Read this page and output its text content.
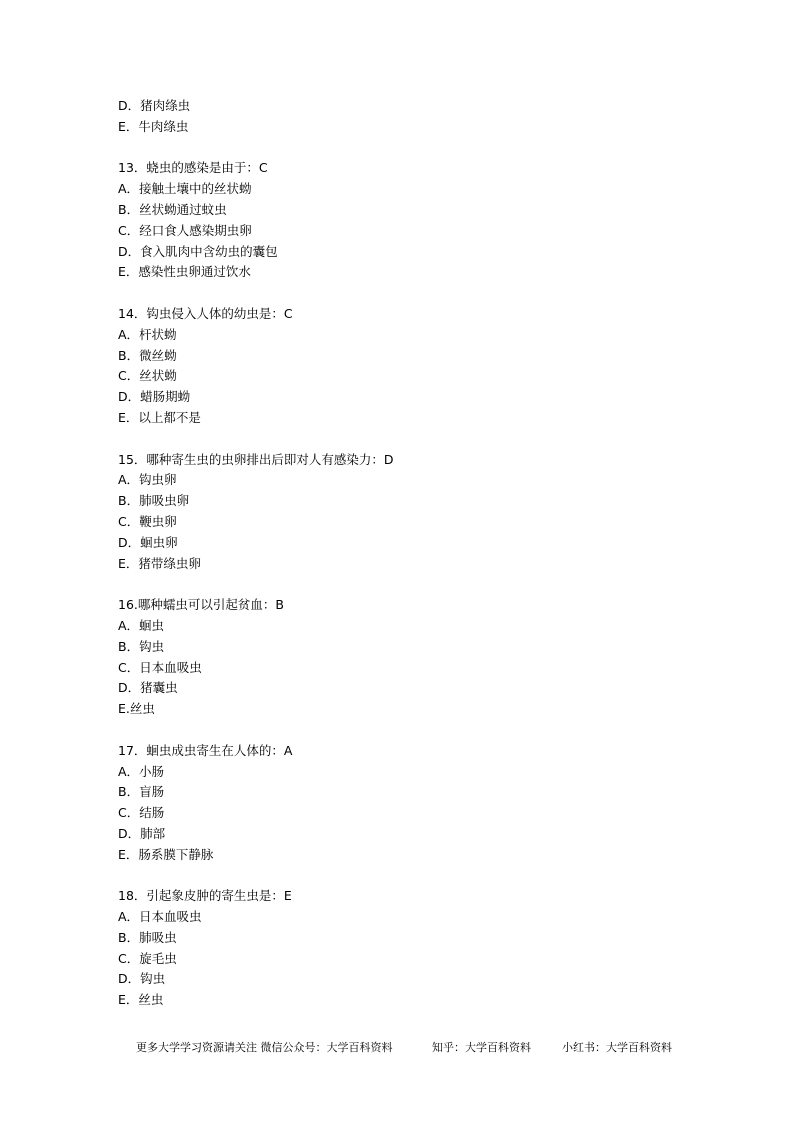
D．猪肉绦虫
E．牛肉绦虫
13．蛲虫的感染是由于：C
A．接触土壤中的丝状蚴
B．丝状蚴通过蚊虫
C．经口食人感染期虫卵
D．食入肌肉中含幼虫的囊包
E．感染性虫卵通过饮水
14．钩虫侵入人体的幼虫是：C
A．杆状蚴
B．微丝蚴
C．丝状蚴
D．蜡肠期蚴
E．以上都不是
15．哪种寄生虫的虫卵排出后即对人有感染力：D
A．钩虫卵
B．肺吸虫卵
C．鞭虫卵
D．蛔虫卵
E．猪带绦虫卵
16.哪种蠕虫可以引起贫血：B
A．蛔虫
B．钩虫
C．日本血吸虫
D．猪囊虫
E.丝虫
17．蛔虫成虫寄生在人体的：A
A．小肠
B．盲肠
C．结肠
D．肺部
E．肠系膜下静脉
18．引起象皮肿的寄生虫是：E
A．日本血吸虫
B．肺吸虫
C．旋毛虫
D．钩虫
E．丝虫
更多大学学习资源请关注 微信公众号：大学百科资料	知乎：大学百科资料	小红书：大学百科资料
